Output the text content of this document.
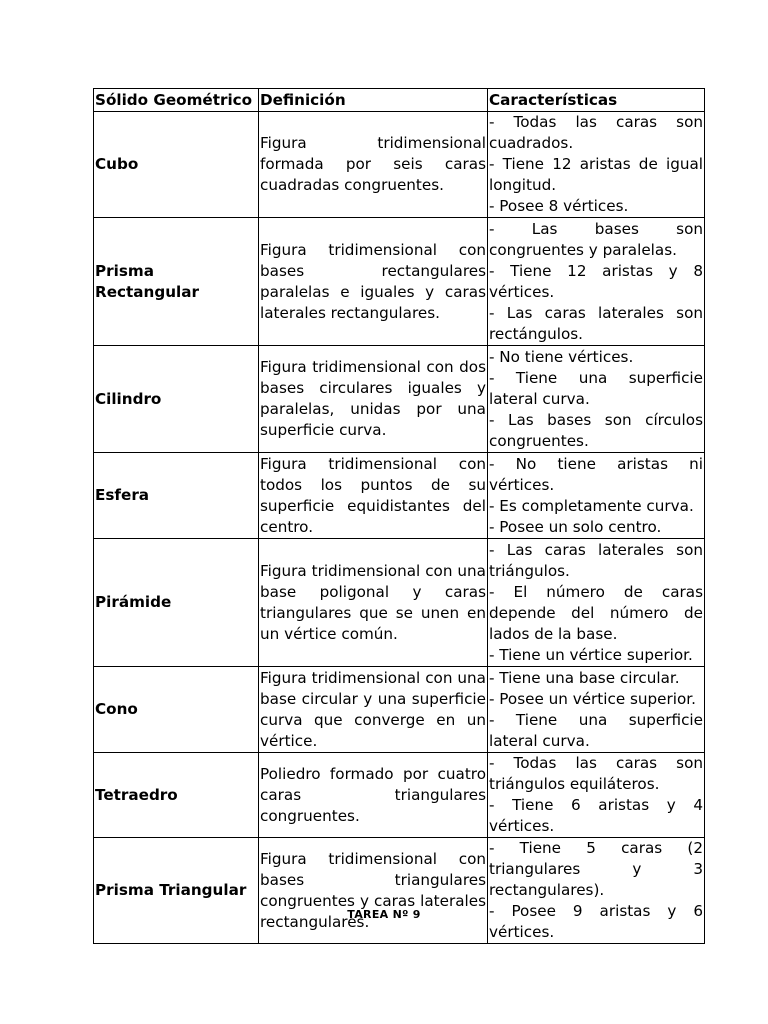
Sólido Geométrico	Definición	Características
Cubo	Figura tridimensional formada por seis caras cuadradas congruentes.	- Todas las caras son cuadrados.
- Tiene 12 aristas de igual longitud.
- Posee 8 vértices.

Prisma Rectangular	Figura tridimensional con bases rectangulares paralelas e iguales y caras laterales rectangulares.	- Las bases son congruentes y paralelas.
- Tiene 12 aristas y 8 vértices.
- Las caras laterales son rectángulos.

Cilindro	Figura tridimensional con dos bases circulares iguales y paralelas, unidas por una superficie curva.	- No tiene vértices.
- Tiene una superficie lateral curva.
- Las bases son círculos congruentes.

Esfera	Figura tridimensional con todos los puntos de su superficie equidistantes del centro.	- No tiene aristas ni vértices.
- Es completamente curva.
- Posee un solo centro.

Pirámide	Figura tridimensional con una base poligonal y caras triangulares que se unen en un vértice común.	- Las caras laterales son triángulos.
- El número de caras depende del número de lados de la base.
- Tiene un vértice superior.

Cono	Figura tridimensional con una base circular y una superficie curva que converge en un vértice.	- Tiene una base circular.
- Posee un vértice superior.
- Tiene una superficie lateral curva.

Tetraedro	Poliedro formado por cuatro caras triangulares congruentes.	- Todas las caras son triángulos equiláteros.
- Tiene 6 aristas y 4 vértices.

Prisma Triangular	Figura tridimensional con bases triangulares congruentes y caras laterales rectangulares.	- Tiene 5 caras (2 triangulares y 3 rectangulares).
- Posee 9 aristas y 6 vértices.
TAREA Nº 9
